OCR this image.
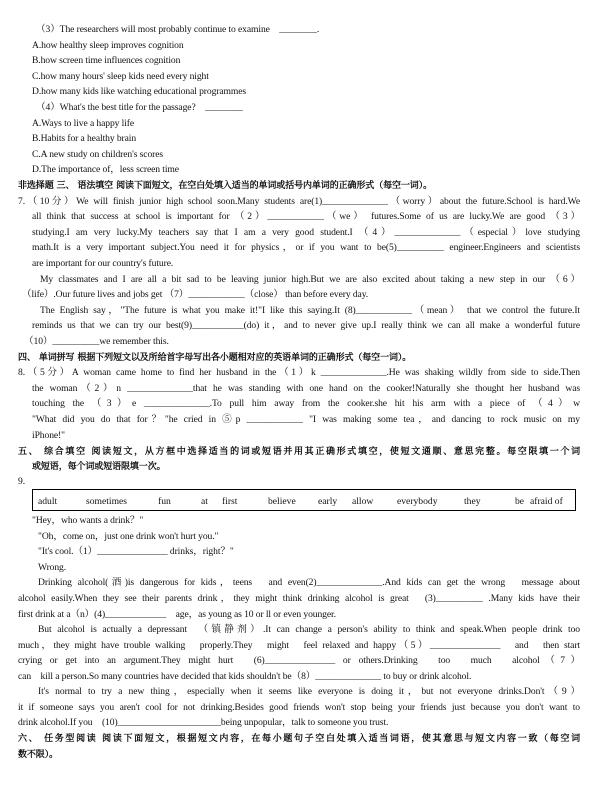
（3）The researchers will most probably continue to examine　________.
A.how healthy sleep improves cognition
B.how screen time influences cognition
C.how many hours' sleep kids need every night
D.how many kids like watching educational programmes
（4）What's the best title for the passage?　________
A.Ways to live a happy life
B.Habits for a healthy brain
C.A new study on children's scores
D.The importance of，less screen time
非选择题 三、 语法填空 阅读下面短文，在空白处填入适当的单词或括号内单词的正确形式（每空一词）。
7.（10分）We will finish junior high school soon.Many students are(1)______________（worry）about the future.School is hard.We
all think that success at school is important for （2）____________（we） futures.Some of us are lucky.We are good （3）
studying.I am very lucky.My teachers say that I am a very good student.I （4）______________（especial）love studying
math.It is a very important subject.You need it for physics，or if you want to be(5)__________ engineer.Engineers and scientists
are important for our country's future.
My classmates and I are all a bit sad to be leaving junior high.But we are also excited about taking a new step in our （6）
（life）.Our future lives and jobs get （7）____________（close） than before every day.
The English say，"The future is what you make it!"I like this saying.It (8)____________（mean） that we control the future.It
reminds us that we can try our best(9)___________(do) it，and to never give up.I really think we can all make a wonderful future
（10）__________we remember this.
四、 单词拼写 根据下列短文以及所给首字母写出各小题相对应的英语单词的正确形式（每空一词）。
8.（5分）A woman came home to find her husband in the（1）k ______________.He was shaking wildly from side to side.Then
the woman（2）n ______________that he was standing with one hand on the cooker!Naturally she thought her husband was
touching the （3）e ______________.To pull him away from the cooker.she hit his arm with a piece of （4）w
"What did you do that for？"he cried in ⑤p ____________ "I was making some tea，and dancing to rock music on my
iPhone!"
五、 综合填空 阅读短文，从方框中选择适当的词或短语并用其正确形式填空，使短文通顺、意思完整。每空限填一个词
或短语，每个词或短语限填一次。
9.
adult	sometimes	fun	at first	believe early allow everybody	they	be afraid of
"Hey，who wants a drink？"
"Oh，come on，just one drink won't hurt you."
"It's cool.（1）_______________ drinks，right？"
Wrong.
Drinking alcohol(酒)is dangerous for kids，teens　and even(2)______________.And kids can get the wrong　message about
alcohol easily.When they see their parents drink，they might think drinking alcohol is great　(3)__________ .Many kids have their
first drink at a（n）(4)_____________　age，as young as 10 or ll or even younger.
But alcohol is actually a depressant　（镇静剂）.It can change a person's ability to think and speak.When people drink too
much，they might have trouble walking　properly.They　might　feel relaxed and happy（5）_______________　and　then start
crying or get into an argument.They might hurt　(6)_______________ or others.Drinking　too　much　alcohol（7）
can　kill a person.So many countries have decided that kids shouldn't be（8）______________ to buy or drink alcohol.
It's normal to try a new thing，especially when it seems like everyone is doing it，but not everyone drinks.Don't（9）
it if someone says you aren't cool for not drinking.Besides good friends won't stop being your friends just because you don't want to
drink alcohol.If you　(10)______________________being unpopular，talk to someone you trust.
六、 任务型阅读 阅读下面短文，根据短文内容，在每小题句子空白处填入适当词语，使其意思与短文内容一致（每空词
数不限）。
